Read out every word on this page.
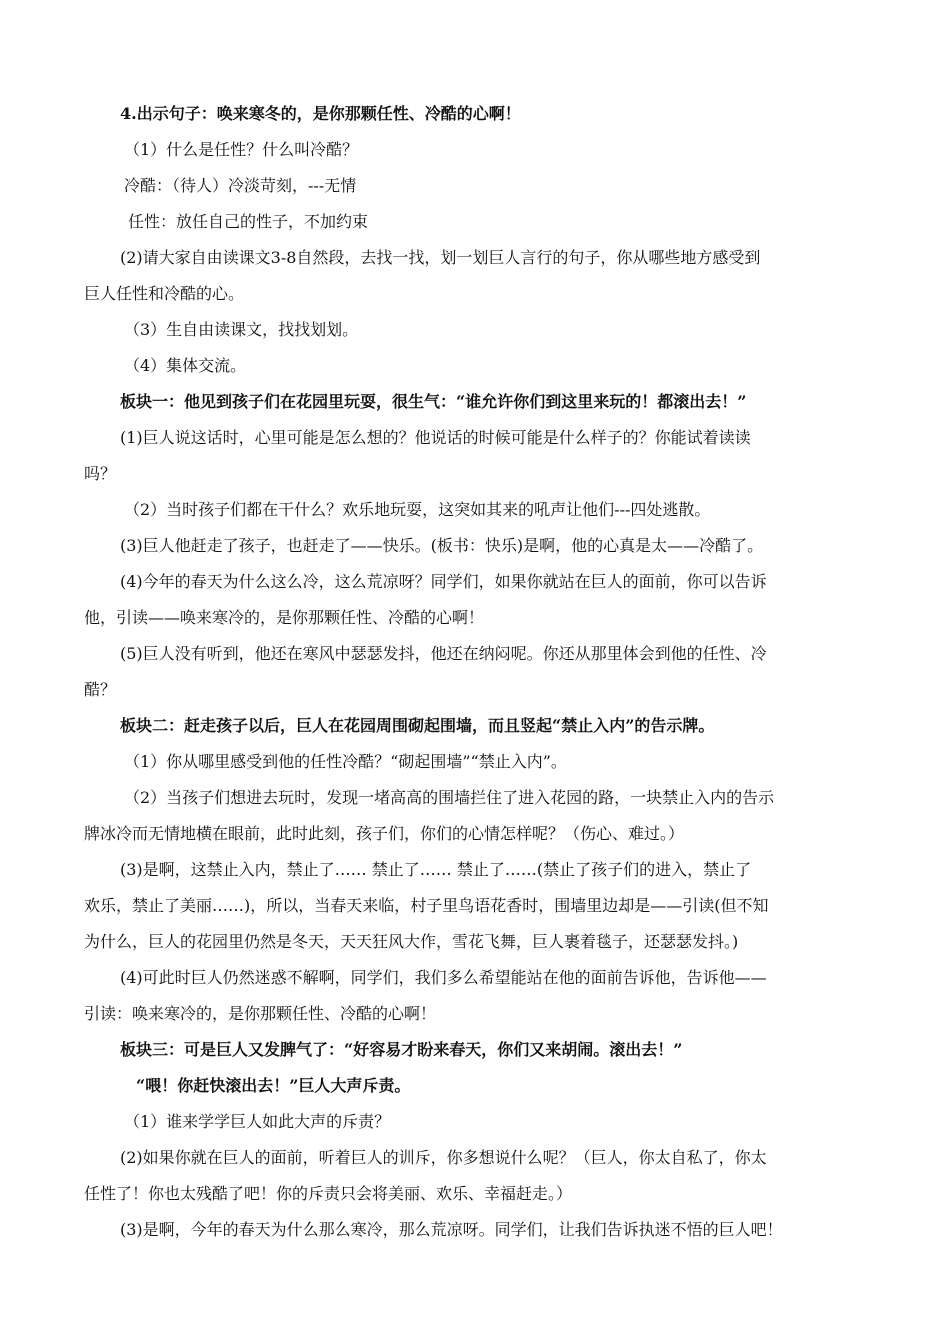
4.出示句子：唤来寒冬的，是你那颗任性、冷酷的心啊！
（1）什么是任性？什么叫冷酷？
冷酷：（待人）冷淡苛刻，---无情
任性：放任自己的性子，不加约束
(2)请大家自由读课文3-8自然段，去找一找，划一划巨人言行的句子，你从哪些地方感受到
巨人任性和冷酷的心。
（3）生自由读课文，找找划划。
（4）集体交流。
板块一：他见到孩子们在花园里玩耍，很生气：“谁允许你们到这里来玩的！都滚出去！”
(1)巨人说这话时，心里可能是怎么想的？他说话的时候可能是什么样子的？你能试着读读
吗？
（2）当时孩子们都在干什么？欢乐地玩耍，这突如其来的吼声让他们---四处逃散。
(3)巨人他赶走了孩子，也赶走了——快乐。(板书：快乐)是啊，他的心真是太——冷酷了。
(4)今年的春天为什么这么冷，这么荒凉呀？同学们，如果你就站在巨人的面前，你可以告诉
他，引读——唤来寒冷的，是你那颗任性、冷酷的心啊！
(5)巨人没有听到，他还在寒风中瑟瑟发抖，他还在纳闷呢。你还从那里体会到他的任性、冷
酷？
板块二：赶走孩子以后，巨人在花园周围砌起围墙，而且竖起“禁止入内”的告示牌。
（1）你从哪里感受到他的任性冷酷？“砌起围墙”“禁止入内”。
（2）当孩子们想进去玩时，发现一堵高高的围墙拦住了进入花园的路，一块禁止入内的告示
牌冰冷而无情地横在眼前，此时此刻，孩子们，你们的心情怎样呢？（伤心、难过。）
(3)是啊，这禁止入内，禁止了…… 禁止了…… 禁止了……(禁止了孩子们的进入，禁止了
欢乐，禁止了美丽……)，所以，当春天来临，村子里鸟语花香时，围墙里边却是——引读(但不知
为什么，巨人的花园里仍然是冬天，天天狂风大作，雪花飞舞，巨人裹着毯子，还瑟瑟发抖。)
(4)可此时巨人仍然迷惑不解啊，同学们，我们多么希望能站在他的面前告诉他，告诉他——
引读：唤来寒冷的，是你那颗任性、冷酷的心啊！
板块三：可是巨人又发脾气了：“好容易才盼来春天，你们又来胡闹。滚出去！”
“喂！你赶快滚出去！”巨人大声斥责。
（1）谁来学学巨人如此大声的斥责？
(2)如果你就在巨人的面前，听着巨人的训斥，你多想说什么呢？（巨人，你太自私了，你太
任性了！你也太残酷了吧！你的斥责只会将美丽、欢乐、幸福赶走。）
(3)是啊，今年的春天为什么那么寒冷，那么荒凉呀。同学们，让我们告诉执迷不悟的巨人吧！
